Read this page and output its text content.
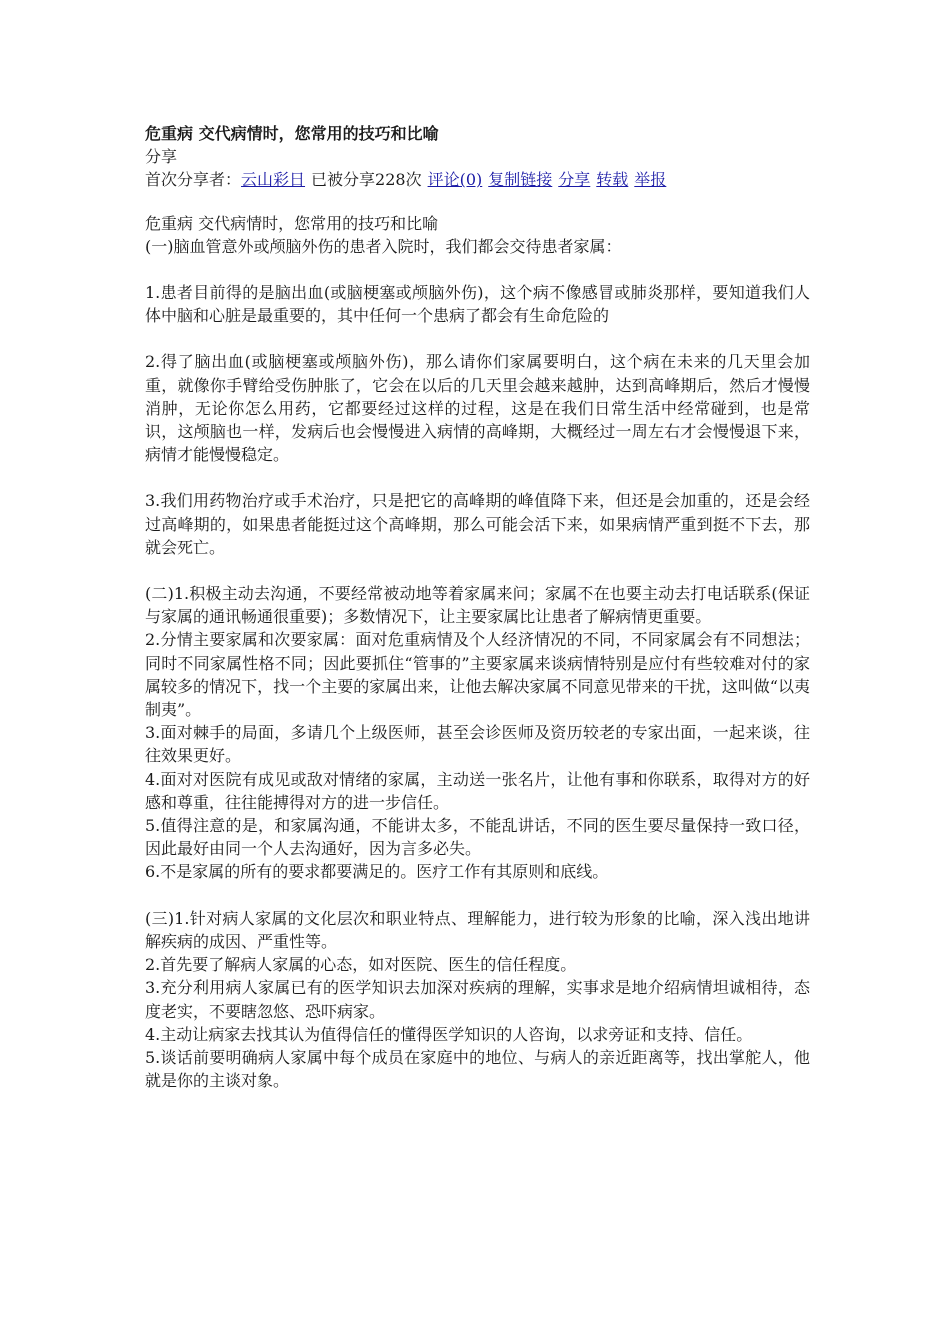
危重病 交代病情时，您常用的技巧和比喻
分享
首次分享者：云山彩日 已被分享228次 评论(0) 复制链接 分享 转载 举报
危重病 交代病情时，您常用的技巧和比喻

(一)脑血管意外或颅脑外伤的患者入院时，我们都会交待患者家属：

1.患者目前得的是脑出血(或脑梗塞或颅脑外伤)，这个病不像感冒或肺炎那样，要知道我们人体中脑和心脏是最重要的，其中任何一个患病了都会有生命危险的

2.得了脑出血(或脑梗塞或颅脑外伤)，那么请你们家属要明白，这个病在未来的几天里会加重，就像你手臂给受伤肿胀了，它会在以后的几天里会越来越肿，达到高峰期后，然后才慢慢消肿，无论你怎么用药，它都要经过这样的过程，这是在我们日常生活中经常碰到，也是常识，这颅脑也一样，发病后也会慢慢进入病情的高峰期，大概经过一周左右才会慢慢退下来，病情才能慢慢稳定。

3.我们用药物治疗或手术治疗，只是把它的高峰期的峰值降下来，但还是会加重的，还是会经过高峰期的，如果患者能挺过这个高峰期，那么可能会活下来，如果病情严重到挺不下去，那就会死亡。

(二)1.积极主动去沟通，不要经常被动地等着家属来问；家属不在也要主动去打电话联系(保证与家属的通讯畅通很重要)；多数情况下，让主要家属比让患者了解病情更重要。

2.分情主要家属和次要家属：面对危重病情及个人经济情况的不同，不同家属会有不同想法；同时不同家属性格不同；因此要抓住“管事的”主要家属来谈病情特别是应付有些较难对付的家属较多的情况下，找一个主要的家属出来，让他去解决家属不同意见带来的干扰，这叫做“以夷制夷”。

3.面对棘手的局面，多请几个上级医师，甚至会诊医师及资历较老的专家出面，一起来谈，往往效果更好。

4.面对对医院有成见或敌对情绪的家属，主动送一张名片，让他有事和你联系，取得对方的好感和尊重，往往能搏得对方的进一步信任。

5.值得注意的是，和家属沟通，不能讲太多，不能乱讲话，不同的医生要尽量保持一致口径，因此最好由同一个人去沟通好，因为言多必失。

6.不是家属的所有的要求都要满足的。医疗工作有其原则和底线。

(三)1.针对病人家属的文化层次和职业特点、理解能力，进行较为形象的比喻，深入浅出地讲解疾病的成因、严重性等。

2.首先要了解病人家属的心态，如对医院、医生的信任程度。

3.充分利用病人家属已有的医学知识去加深对疾病的理解，实事求是地介绍病情坦诚相待，态度老实，不要瞎忽悠、恐吓病家。

4.主动让病家去找其认为值得信任的懂得医学知识的人咨询，以求旁证和支持、信任。

5.谈话前要明确病人家属中每个成员在家庭中的地位、与病人的亲近距离等，找出掌舵人，他就是你的主谈对象。
